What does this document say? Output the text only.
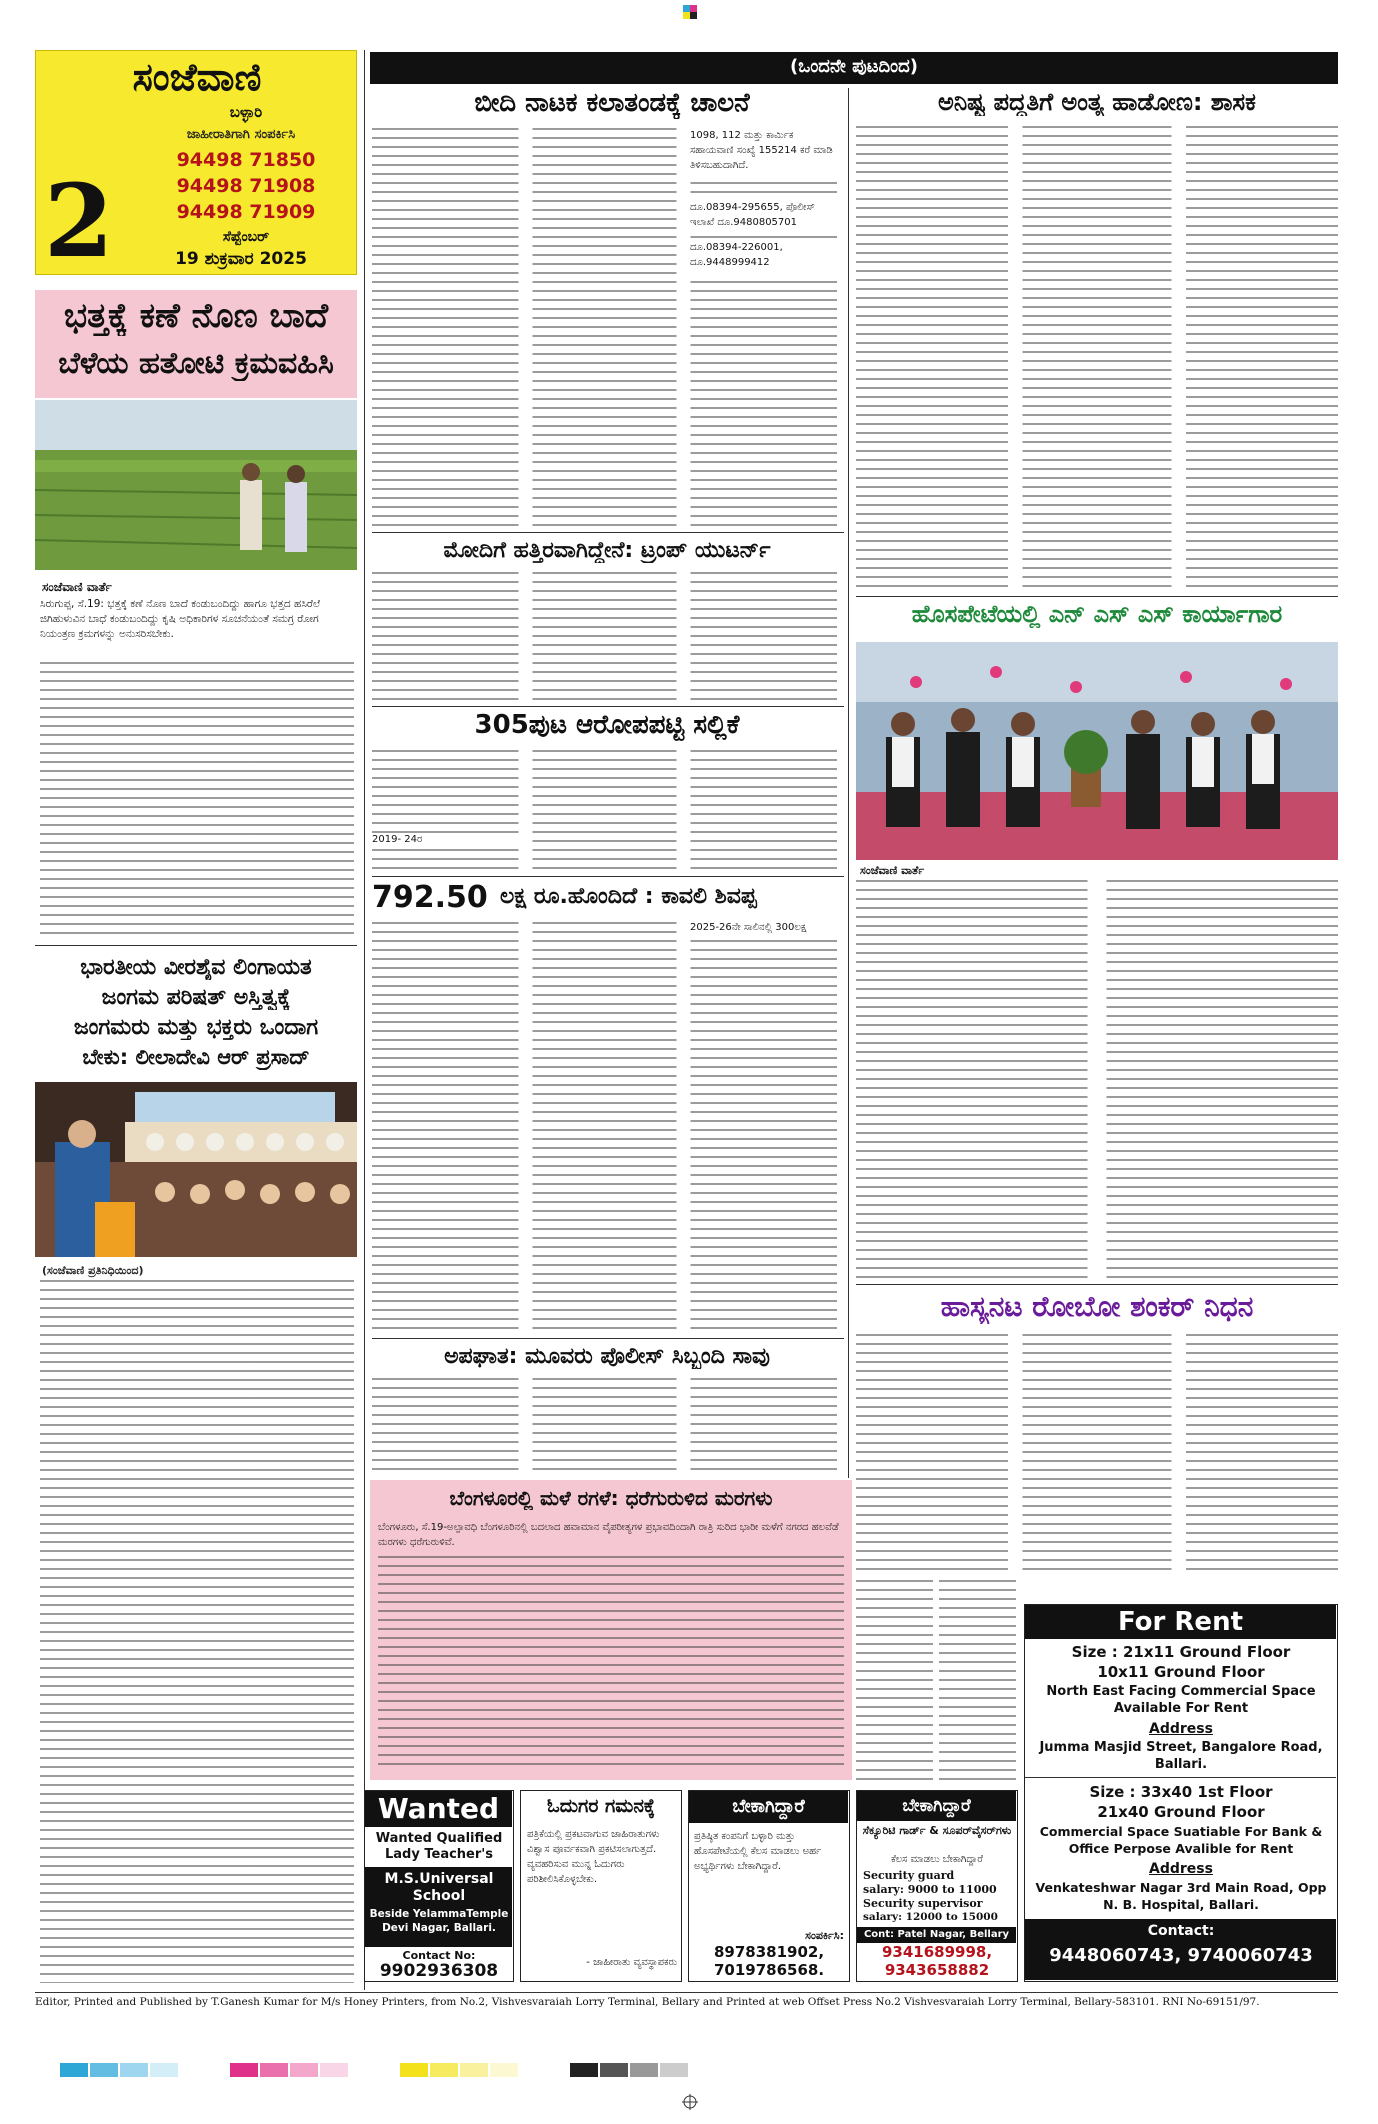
ಸಂಜೆವಾಣಿ
ಬಳ್ಳಾರಿ
ಜಾಹೀರಾತಿಗಾಗಿ ಸಂಪರ್ಕಿಸಿ
94498 71850
94498 71908
94498 71909
2	ಸೆಪ್ಟೆಂಬರ್
19 ಶುಕ್ರವಾರ 2025
ಭತ್ತಕ್ಕೆ ಕಣೆ ನೊಣ ಬಾದೆ
ಬೆಳೆಯ ಹತೋಟಿ ಕ್ರಮವಹಿಸಿ
ಸಂಜೆವಾಣಿ ವಾರ್ತೆ
ಸಿರುಗುಪ್ಪ, ಸೆ.19: ಭತ್ತಕ್ಕೆ ಕಣೆ ನೊಣ ಬಾದೆ ಕಂಡುಬಂದಿದ್ದು ಹಾಗೂ ಭತ್ತದ ಹಸಿರೆಲೆ ಜಿಗಿಹುಳುವಿನ ಬಾಧೆ ಕಂಡುಬಂದಿದ್ದು ಕೃಷಿ ಅಧಿಕಾರಿಗಳ ಸೂಚನೆಯಂತೆ ಸಮಗ್ರ ರೋಗ ನಿಯಂತ್ರಣ ಕ್ರಮಗಳನ್ನು ಅನುಸರಿಸಬೇಕು.
ಭಾರತೀಯ ವೀರಶೈವ ಲಿಂಗಾಯತ
ಜಂಗಮ ಪರಿಷತ್ ಅಸ್ತಿತ್ವಕ್ಕೆ
ಜಂಗಮರು ಮತ್ತು ಭಕ್ತರು ಒಂದಾಗ
ಬೇಕು: ಲೀಲಾದೇವಿ ಆರ್ ಪ್ರಸಾದ್
(ಸಂಜೆವಾಣಿ ಪ್ರತಿನಿಧಿಯಿಂದ)
(ಒಂದನೇ ಪುಟದಿಂದ)
ಬೀದಿ ನಾಟಕ ಕಲಾತಂಡಕ್ಕೆ ಚಾಲನೆ
1098, 112 ಮತ್ತು ಕಾರ್ಮಿಕ ಸಹಾಯವಾಣಿ ಸಂಖ್ಯೆ 155214 ಕರೆ ಮಾಡಿ ತಿಳಿಸಬಹುದಾಗಿದೆ.
ದೂ.08394-295655, ಪೊಲೀಸ್ ಇಲಾಖೆ ದೂ.9480805701
ದೂ.08394-226001, ದೂ.9448999412
ಮೋದಿಗೆ ಹತ್ತಿರವಾಗಿದ್ದೇನೆ: ಟ್ರಂಪ್ ಯುಟರ್ನ್
305ಪುಟ ಆರೋಪಪಟ್ಟಿ ಸಲ್ಲಿಕೆ
2019- 24ರ
792.50 ಲಕ್ಷ ರೂ.ಹೊಂದಿದೆ : ಕಾವಲಿ ಶಿವಪ್ಪ
2025-26ನೇ ಸಾಲಿನಲ್ಲಿ 300ಲಕ್ಷ
ಅಪಘಾತ: ಮೂವರು ಪೊಲೀಸ್ ಸಿಬ್ಬಂದಿ ಸಾವು
ಬೆಂಗಳೂರಲ್ಲಿ ಮಳೆ ರಗಳೆ: ಧರೆಗುರುಳಿದ ಮರಗಳು
ಬೆಂಗಳೂರು, ಸೆ.19-ಅಲ್ಪಾವಧಿ ಬೆಂಗಳೂರಿನಲ್ಲಿ ಬದಲಾದ ಹವಾಮಾನ ವೈಪರೀತ್ಯಗಳ ಪ್ರಭಾವದಿಂದಾಗಿ ರಾತ್ರಿ ಸುರಿದ ಭಾರೀ ಮಳೆಗೆ ನಗರದ ಹಲವೆಡೆ ಮರಗಳು ಧರೆಗುರುಳಿವೆ.
ಅನಿಷ್ಟ ಪದ್ಧತಿಗೆ ಅಂತ್ಯ ಹಾಡೋಣ: ಶಾಸಕ
ಹೊಸಪೇಟೆಯಲ್ಲಿ ಎನ್ ಎಸ್ ಎಸ್ ಕಾರ್ಯಾಗಾರ
ಸಂಜೆವಾಣಿ ವಾರ್ತೆ
ಹಾಸ್ಯನಟ ರೋಬೋ ಶಂಕರ್ ನಿಧನ
For Rent
Size : 21x11 Ground Floor
10x11 Ground Floor
North East Facing Commercial Space Available For Rent
Address
Jumma Masjid Street, Bangalore Road, Ballari.
Size : 33x40 1st Floor
21x40 Ground Floor
Commercial Space Suatiable For Bank & Office Perpose Avalible for Rent
Address
Venkateshwar Nagar 3rd Main Road, Opp N. B. Hospital, Ballari.
Contact:
9448060743, 9740060743
Wanted
Wanted Qualified Lady Teacher's
M.S.Universal School
Beside YelammaTemple Devi Nagar, Ballari.
Contact No:
9902936308
ಓದುಗರ ಗಮನಕ್ಕೆ
ಪತ್ರಿಕೆಯಲ್ಲಿ ಪ್ರಕಟವಾಗುವ ಜಾಹಿರಾತುಗಳು ವಿಶ್ವಾಸ ಪೂರ್ವಕವಾಗಿ ಪ್ರಕಟಿಸಲಾಗುತ್ತದೆ. ವ್ಯವಹರಿಸುವ ಮುನ್ನ ಓದುಗರು ಪರಿಶೀಲಿಸಿಕೊಳ್ಳಬೇಕು.
- ಜಾಹೀರಾತು ವ್ಯವಸ್ಥಾಪಕರು
ಬೇಕಾಗಿದ್ದಾರೆ
ಪ್ರತಿಷ್ಠಿತ ಕಂಪನಿಗೆ ಬಳ್ಳಾರಿ ಮತ್ತು ಹೊಸಪೇಟೆಯಲ್ಲಿ ಕೆಲಸ ಮಾಡಲು ಅರ್ಹ ಅಭ್ಯರ್ಥಿಗಳು ಬೇಕಾಗಿದ್ದಾರೆ.
ಸಂಪರ್ಕಿಸಿ:
8978381902, 7019786568.
ಬೇಕಾಗಿದ್ದಾರೆ
ಸೆಕ್ಯೂರಿಟಿ ಗಾರ್ಡ್ & ಸೂಪರ್‌ವೈಸರ್‌ಗಳು
ಕೆಲಸ ಮಾಡಲು ಬೇಕಾಗಿದ್ದಾರೆ
Security guard
salary: 9000 to 11000
Security supervisor
salary: 12000 to 15000
Cont: Patel Nagar, Bellary
9341689998,
9343658882
Editor, Printed and Published by T.Ganesh Kumar for M/s Honey Printers, from No.2, Vishvesvaraiah Lorry Terminal, Bellary and Printed at web Offset Press No.2 Vishvesvaraiah Lorry Terminal, Bellary-583101. RNI No-69151/97.
